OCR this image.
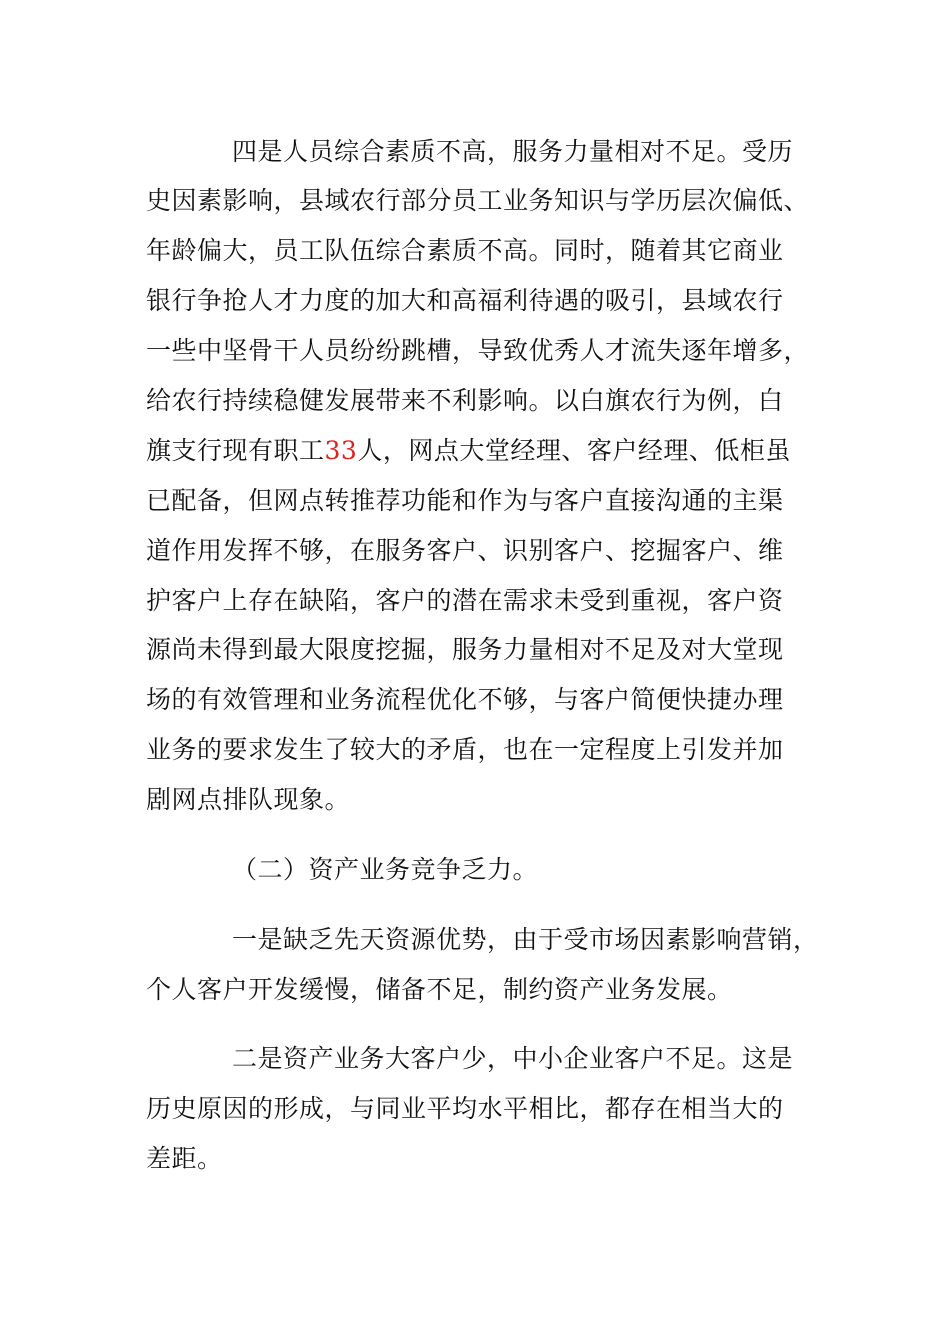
四是人员综合素质不高，服务力量相对不足。受历
史因素影响，县域农行部分员工业务知识与学历层次偏低、
年龄偏大，员工队伍综合素质不高。同时，随着其它商业
银行争抢人才力度的加大和高福利待遇的吸引，县域农行
一些中坚骨干人员纷纷跳槽，导致优秀人才流失逐年增多，
给农行持续稳健发展带来不利影响。以白旗农行为例，白
旗支行现有职工33人，网点大堂经理、客户经理、低柜虽
已配备，但网点转推荐功能和作为与客户直接沟通的主渠
道作用发挥不够，在服务客户、识别客户、挖掘客户、维
护客户上存在缺陷，客户的潜在需求未受到重视，客户资
源尚未得到最大限度挖掘，服务力量相对不足及对大堂现
场的有效管理和业务流程优化不够，与客户简便快捷办理
业务的要求发生了较大的矛盾，也在一定程度上引发并加
剧网点排队现象。
（二）资产业务竞争乏力。
一是缺乏先天资源优势，由于受市场因素影响营销，
个人客户开发缓慢，储备不足，制约资产业务发展。
二是资产业务大客户少，中小企业客户不足。这是
历史原因的形成，与同业平均水平相比，都存在相当大的
差距。
